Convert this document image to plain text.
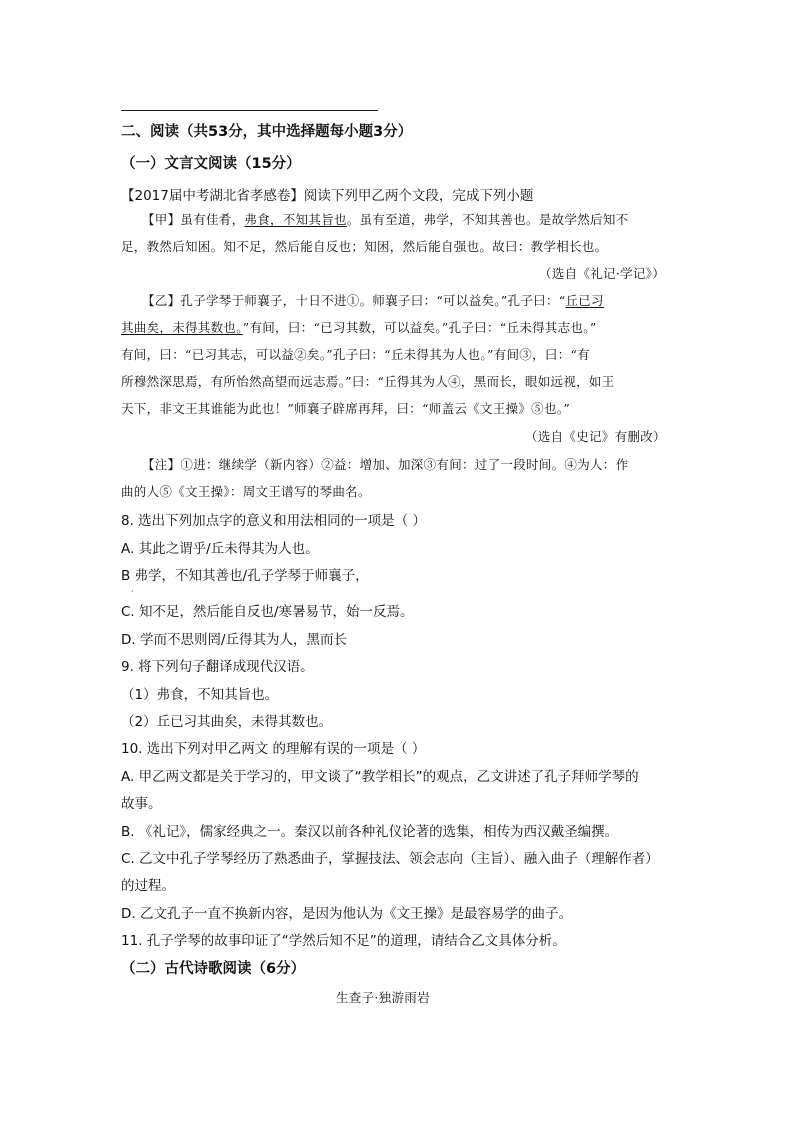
二、阅读（共53分，其中选择题每小题3分）
（一）文言文阅读（15分）
【2017届中考湖北省孝感卷】阅读下列甲乙两个文段，完成下列小题
【甲】虽有佳肴，弗食，不知其旨也。虽有至道，弗学，不知其善也。是故学然后知不
足，教然后知困。知不足，然后能自反也；知困，然后能自强也。故曰：教学相长也。
（选自《礼记·学记》）
【乙】孔子学琴于师襄子，十日不进①。师襄子曰：“可以益矣。”孔子曰：“丘已习
其曲矣，未得其数也。”有间，曰：“已习其数，可以益矣。”孔子曰：“丘未得其志也。”
有间，曰：“已习其志，可以益②矣。”孔子曰：“丘未得其为人也。”有间③，曰：“有
所穆然深思焉，有所怡然高望而远志焉。”曰：“丘得其为人④，黑而长，眼如远视，如王
天下，非文王其谁能为此也！”师襄子辟席再拜，曰：“师盖云《文王操》⑤也。”
（选自《史记》有删改）
【注】①进：继续学（新内容）②益：增加、加深③有间：过了一段时间。④为人：作
曲的人⑤《文王操》：周文王谱写的琴曲名。
8. 选出下列加点字的意义和用法相同的一项是（ ）
A. 其此之谓乎/丘未得其为人也。
B 弗学，不知其善也/孔子学琴于师襄子，
·
C. 知不足，然后能自反也/寒暑易节，始一反焉。
D. 学而不思则罔/丘得其为人，黑而长
9. 将下列句子翻译成现代汉语。
（1）弗食，不知其旨也。
（2）丘已习其曲矣，未得其数也。
10. 选出下列对甲乙两文 的理解有误的一项是（ ）
A. 甲乙两文都是关于学习的，甲文谈了“教学相长”的观点，乙文讲述了孔子拜师学琴的
故事。
B. 《礼记》，儒家经典之一。秦汉以前各种礼仪论著的选集，相传为西汉戴圣编撰。
C. 乙文中孔子学琴经历了熟悉曲子，掌握技法、领会志向（主旨）、融入曲子（理解作者）
的过程。
D. 乙文孔子一直不换新内容，是因为他认为《文王操》是最容易学的曲子。
11. 孔子学琴的故事印证了“学然后知不足”的道理，请结合乙文具体分析。
（二）古代诗歌阅读（6分）
生查子·独游雨岩
